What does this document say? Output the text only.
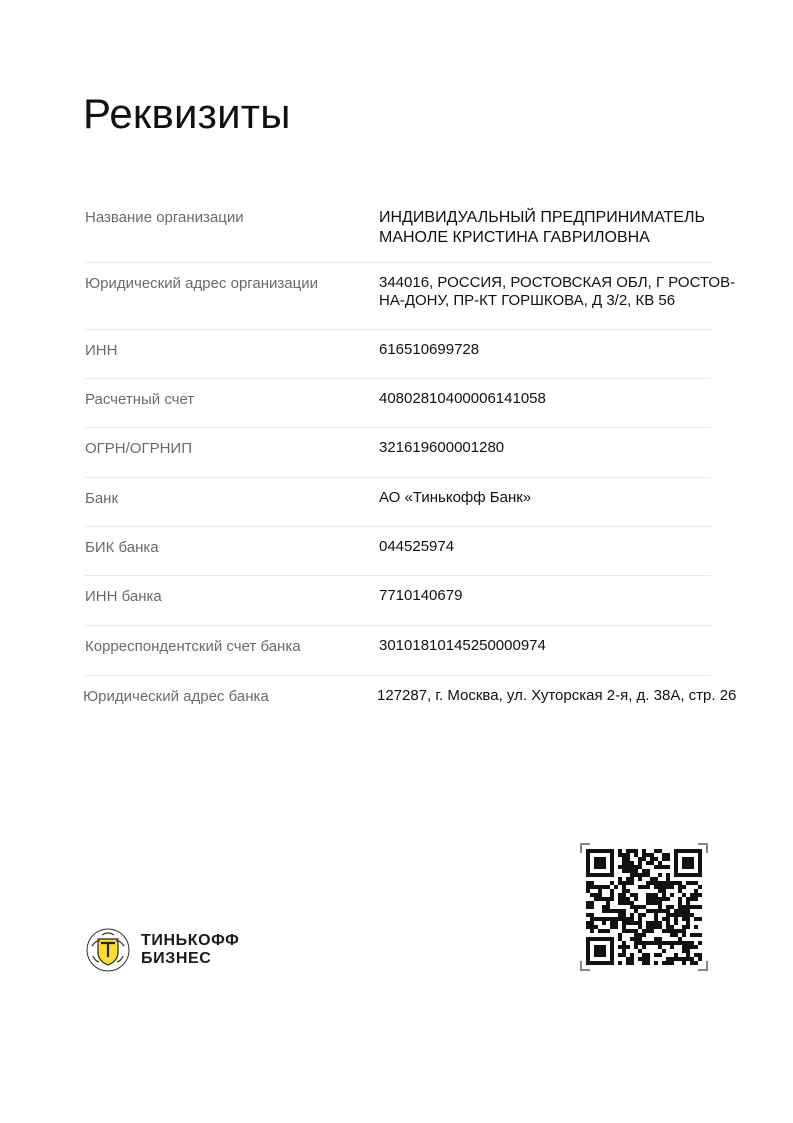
Реквизиты
Название организации	ИНДИВИДУАЛЬНЫЙ ПРЕДПРИНИМАТЕЛЬ МАНОЛЕ КРИСТИНА ГАВРИЛОВНА
Юридический адрес организации	344016, РОССИЯ, РОСТОВСКАЯ ОБЛ, Г РОСТОВ-НА-ДОНУ, ПР-КТ ГОРШКОВА, Д 3/2, КВ 56
ИНН	616510699728
Расчетный счет	40802810400006141058
ОГРН/ОГРНИП	321619600001280
Банк	АО «Тинькофф Банк»
БИК банка	044525974
ИНН банка	7710140679
Корреспондентский счет банка	30101810145250000974
Юридический адрес банка	127287, г. Москва, ул. Хуторская 2-я, д. 38А, стр. 26
ТИНЬКОФФ
БИЗНЕС
